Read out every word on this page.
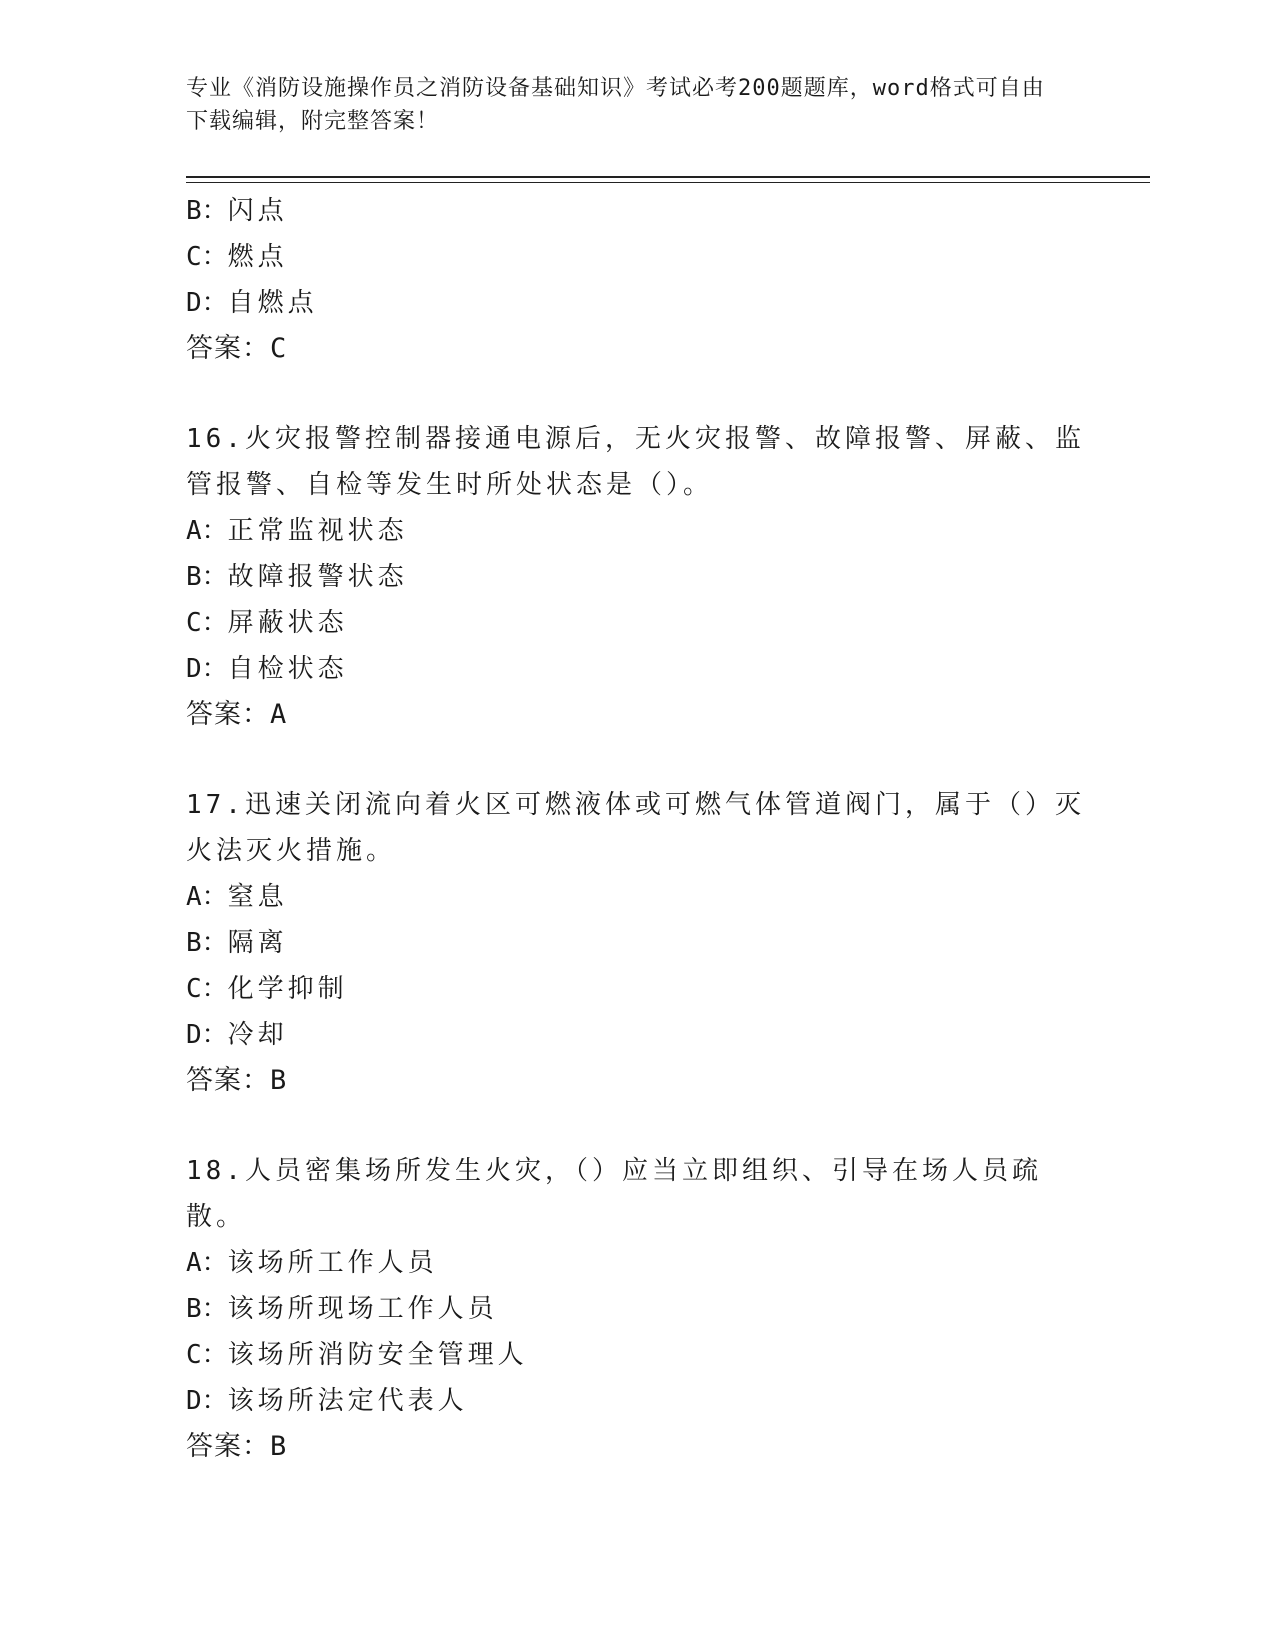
专业《消防设施操作员之消防设备基础知识》考试必考200题题库，word格式可自由下载编辑，附完整答案！
B：闪点
C：燃点
D：自燃点
答案：C
16.火灾报警控制器接通电源后，无火灾报警、故障报警、屏蔽、监管报警、自检等发生时所处状态是（）。
A：正常监视状态
B：故障报警状态
C：屏蔽状态
D：自检状态
答案：A
17.迅速关闭流向着火区可燃液体或可燃气体管道阀门，属于（）灭火法灭火措施。
A：窒息
B：隔离
C：化学抑制
D：冷却
答案：B
18.人员密集场所发生火灾，（）应当立即组织、引导在场人员疏散。
A：该场所工作人员
B：该场所现场工作人员
C：该场所消防安全管理人
D：该场所法定代表人
答案：B
